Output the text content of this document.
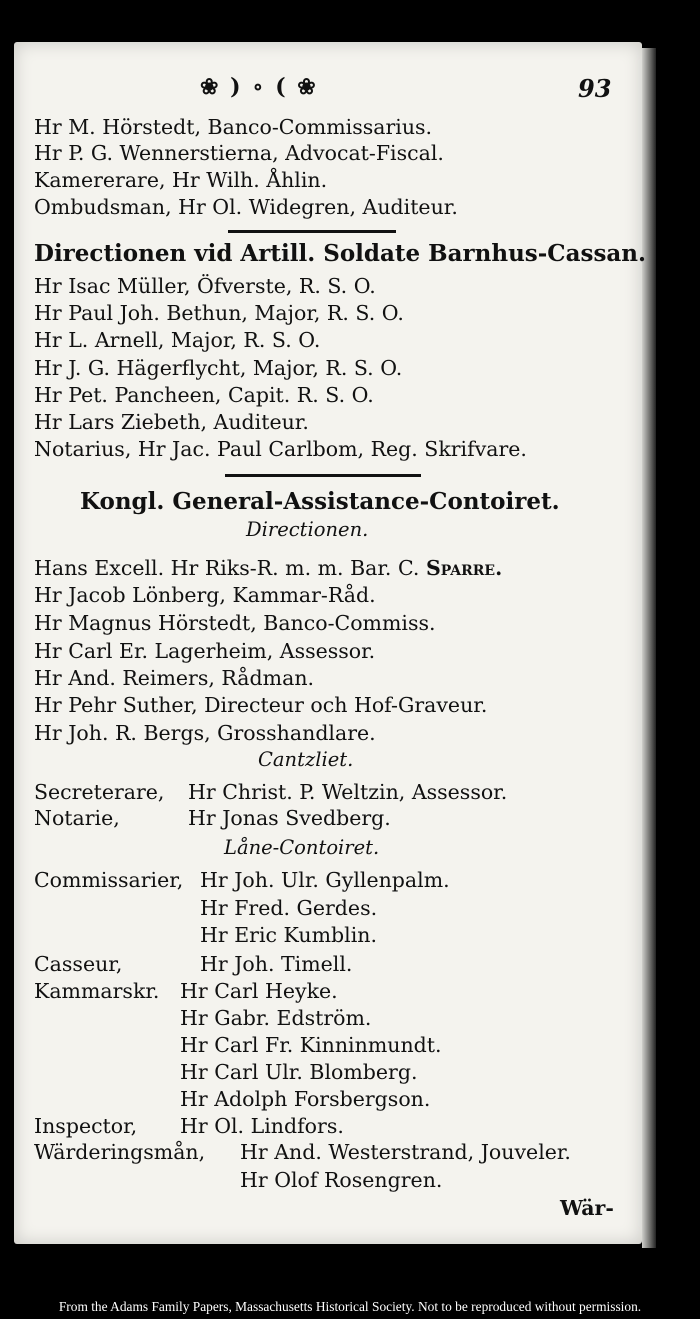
❀ ) ∘ ( ❀	93
Hr M. Hörstedt, Banco-Commissarius.
Hr P. G. Wennerstierna, Advocat-Fiscal.
Kamererare, Hr Wilh. Åhlin.
Ombudsman, Hr Ol. Widegren, Auditeur.
Directionen vid Artill. Soldate Barnhus-Cassan.
Hr Isac Müller, Öfverste, R. S. O.
Hr Paul Joh. Bethun, Major, R. S. O.
Hr L. Arnell, Major, R. S. O.
Hr J. G. Hägerflycht, Major, R. S. O.
Hr Pet. Pancheen, Capit. R. S. O.
Hr Lars Ziebeth, Auditeur.
Notarius, Hr Jac. Paul Carlbom, Reg. Skrifvare.
Kongl. General-Assistance-Contoiret.
Directionen.
Hans Excell. Hr Riks-R. m. m. Bar. C. Sparre.
Hr Jacob Lönberg, Kammar-Råd.
Hr Magnus Hörstedt, Banco-Commiss.
Hr Carl Er. Lagerheim, Assessor.
Hr And. Reimers, Rådman.
Hr Pehr Suther, Directeur och Hof-Graveur.
Hr Joh. R. Bergs, Grosshandlare.
Cantzliet.
Secreterare, Hr Christ. P. Weltzin, Assessor.
Notarie,	Hr Jonas Svedberg.
Låne-Contoiret.
Commissarier, Hr Joh. Ulr. Gyllenpalm.
Hr Fred. Gerdes.
Hr Eric Kumblin.
Casseur,	Hr Joh. Timell.
Kammarskr. Hr Carl Heyke.
Hr Gabr. Edström.
Hr Carl Fr. Kinninmundt.
Hr Carl Ulr. Blomberg.
Hr Adolph Forsbergson.
Inspector, Hr Ol. Lindfors.
Wärderingsmån, Hr And. Westerstrand, Jouveler.
Hr Olof Rosengren.
Wär-
From the Adams Family Papers, Massachusetts Historical Society. Not to be reproduced without permission.
